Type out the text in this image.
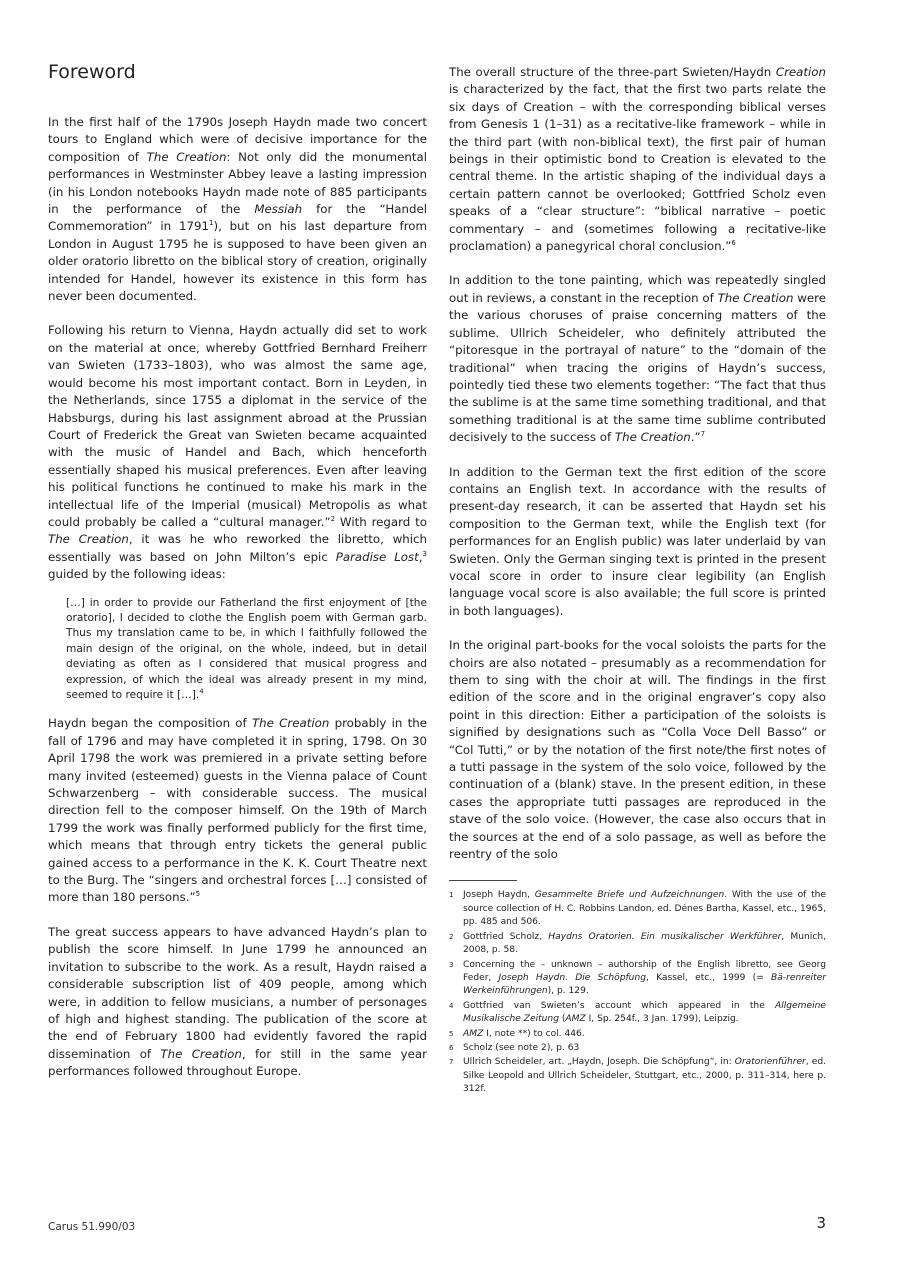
Foreword

In the first half of the 1790s Joseph Haydn made two concert tours to England which were of decisive importance for the composition of The Creation: Not only did the monumental performances in Westminster Abbey leave a lasting impression (in his London notebooks Haydn made note of 885 participants in the performance of the Messiah for the “Handel Commemoration” in 1791$^1$), but on his last departure from London in August 1795 he is supposed to have been given an older oratorio libretto on the biblical story of creation, originally intended for Handel, however its existence in this form has never been documented.

Following his return to Vienna, Haydn actually did set to work on the material at once, whereby Gottfried Bernhard Freiherr van Swieten (1733–1803), who was almost the same age, would become his most important contact. Born in Leyden, in the Netherlands, since 1755 a diplomat in the service of the Habsburgs, during his last assignment abroad at the Prussian Court of Frederick the Great van Swieten became acquainted with the music of Handel and Bach, which henceforth essentially shaped his musical preferences. Even after leaving his political functions he continued to make his mark in the intellectual life of the Imperial (musical) Metropolis as what could probably be called a “cultural manager.”$^2$ With regard to The Creation, it was he who reworked the libretto, which essentially was based on John Milton’s epic Paradise Lost,$^3$ guided by the following ideas:

[…] in order to provide our Fatherland the first enjoyment of [the oratorio], I decided to clothe the English poem with German garb. Thus my translation came to be, in which I faithfully followed the main design of the original, on the whole, indeed, but in detail deviating as often as I considered that musical progress and expression, of which the ideal was already present in my mind, seemed to require it […].$^4$

Haydn began the composition of The Creation probably in the fall of 1796 and may have completed it in spring, 1798. On 30 April 1798 the work was premiered in a private setting before many invited (esteemed) guests in the Vienna palace of Count Schwarzenberg – with considerable success. The musical direction fell to the composer himself. On the 19th of March 1799 the work was finally performed publicly for the first time, which means that through entry tickets the general public gained access to a performance in the K. K. Court Theatre next to the Burg. The “singers and orchestral forces […] consisted of more than 180 persons.”$^5$

The great success appears to have advanced Haydn’s plan to publish the score himself. In June 1799 he announced an invitation to subscribe to the work. As a result, Haydn raised a considerable subscription list of 409 people, among which were, in addition to fellow musicians, a number of personages of high and highest standing. The publication of the score at the end of February 1800 had evidently favored the rapid dissemination of The Creation, for still in the same year performances followed throughout Europe.

The overall structure of the three-part Swieten/Haydn Creation is characterized by the fact, that the first two parts relate the six days of Creation – with the corresponding biblical verses from Genesis 1 (1–31) as a recitative-like framework – while in the third part (with non-biblical text), the first pair of human beings in their optimistic bond to Creation is elevated to the central theme. In the artistic shaping of the individual days a certain pattern cannot be overlooked; Gottfried Scholz even speaks of a “clear structure”: “biblical narrative – poetic commentary – and (sometimes following a recitative-like proclamation) a panegyrical choral conclusion.”$^6$

In addition to the tone painting, which was repeatedly singled out in reviews, a constant in the reception of The Creation were the various choruses of praise concerning matters of the sublime. Ullrich Scheideler, who definitely attributed the “pitoresque in the portrayal of nature” to the “domain of the traditional” when tracing the origins of Haydn’s success, pointedly tied these two elements together: “The fact that thus the sublime is at the same time something traditional, and that something traditional is at the same time sublime contributed decisively to the success of The Creation.”$^7$

In addition to the German text the first edition of the score contains an English text. In accordance with the results of present-day research, it can be asserted that Haydn set his composition to the German text, while the English text (for performances for an English public) was later underlaid by van Swieten. Only the German singing text is printed in the present vocal score in order to insure clear legibility (an English language vocal score is also available; the full score is printed in both languages).

In the original part-books for the vocal soloists the parts for the choirs are also notated – presumably as a recommendation for them to sing with the choir at will. The findings in the first edition of the score and in the original engraver’s copy also point in this direction: Either a participation of the soloists is signified by designations such as “Colla Voce Dell Basso” or “Col Tutti,” or by the notation of the first note/the first notes of a tutti passage in the system of the solo voice, followed by the continuation of a (blank) stave. In the present edition, in these cases the appropriate tutti passages are reproduced in the stave of the solo voice. (However, the case also occurs that in the sources at the end of a solo passage, as well as before the reentry of the solo

1	Joseph Haydn, Gesammelte Briefe und Aufzeichnungen. With the use of the source collection of H. C. Robbins Landon, ed. Dénes Bartha, Kassel, etc., 1965, pp. 485 and 506.
2	Gottfried Scholz, Haydns Oratorien. Ein musikalischer Werkführer, Munich, 2008, p. 58.
3	Concerning the – unknown – authorship of the English libretto, see Georg Feder, Joseph Haydn. Die Schöpfung, Kassel, etc., 1999 (= Bä-renreiter Werkeinführungen), p. 129.
4	Gottfried van Swieten’s account which appeared in the Allgemeine Musikalische Zeitung (AMZ I, Sp. 254f., 3 Jan. 1799), Leipzig.
5	AMZ I, note **) to col. 446.
6	Scholz (see note 2), p. 63
7	Ullrich Scheideler, art. „Haydn, Joseph. Die Schöpfung“, in: Oratorienführer, ed. Silke Leopold and Ullrich Scheideler, Stuttgart, etc., 2000, p. 311–314, here p. 312f.
Carus 51.990/03	3
